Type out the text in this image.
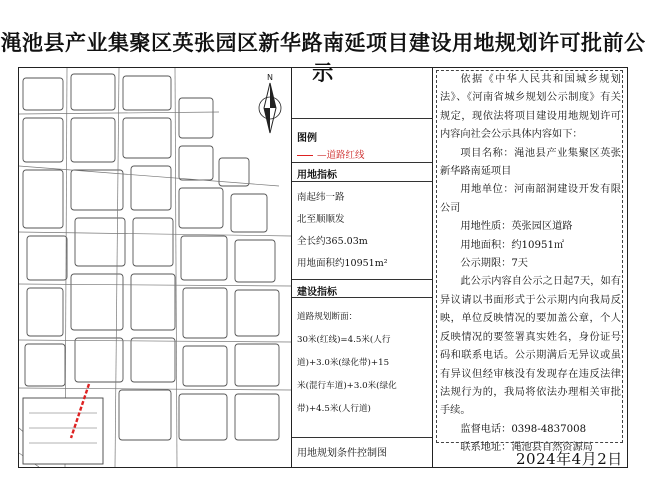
渑池县产业集聚区英张园区新华路南延项目建设用地规划许可批前公示
N
图例
—道路红线
用地指标
南起纬一路
北至顺顺发
全长约365.03m
用地面积约10951m²
建设指标
道路规划断面：
30米(红线)=4.5米(人行
道)+3.0米(绿化带)+15
米(混行车道)+3.0米(绿化
带)+4.5米(人行道)
用地规划条件控制图

依据《中华人民共和国城乡规划法》、《河南省城乡规划公示制度》有关规定，现依法将项目建设用地规划许可内容向社会公示具体内容如下：

项目名称：渑池县产业集聚区英张新华路南延项目

用地单位：河南韶洞建设开发有限公司

用地性质：英张园区道路

用地面积：约10951㎡

公示期限：7天

此公示内容自公示之日起7天，如有异议请以书面形式于公示期内向我局反映，单位反映情况的要加盖公章，个人反映情况的要签署真实姓名，身份证号码和联系电话。公示期满后无异议或虽有异议但经审核没有发现存在违反法律法规行为的，我局将依法办理相关审批手续。

监督电话：0398-4837008

联系地址：渑池县自然资源局

2024年4月2日
